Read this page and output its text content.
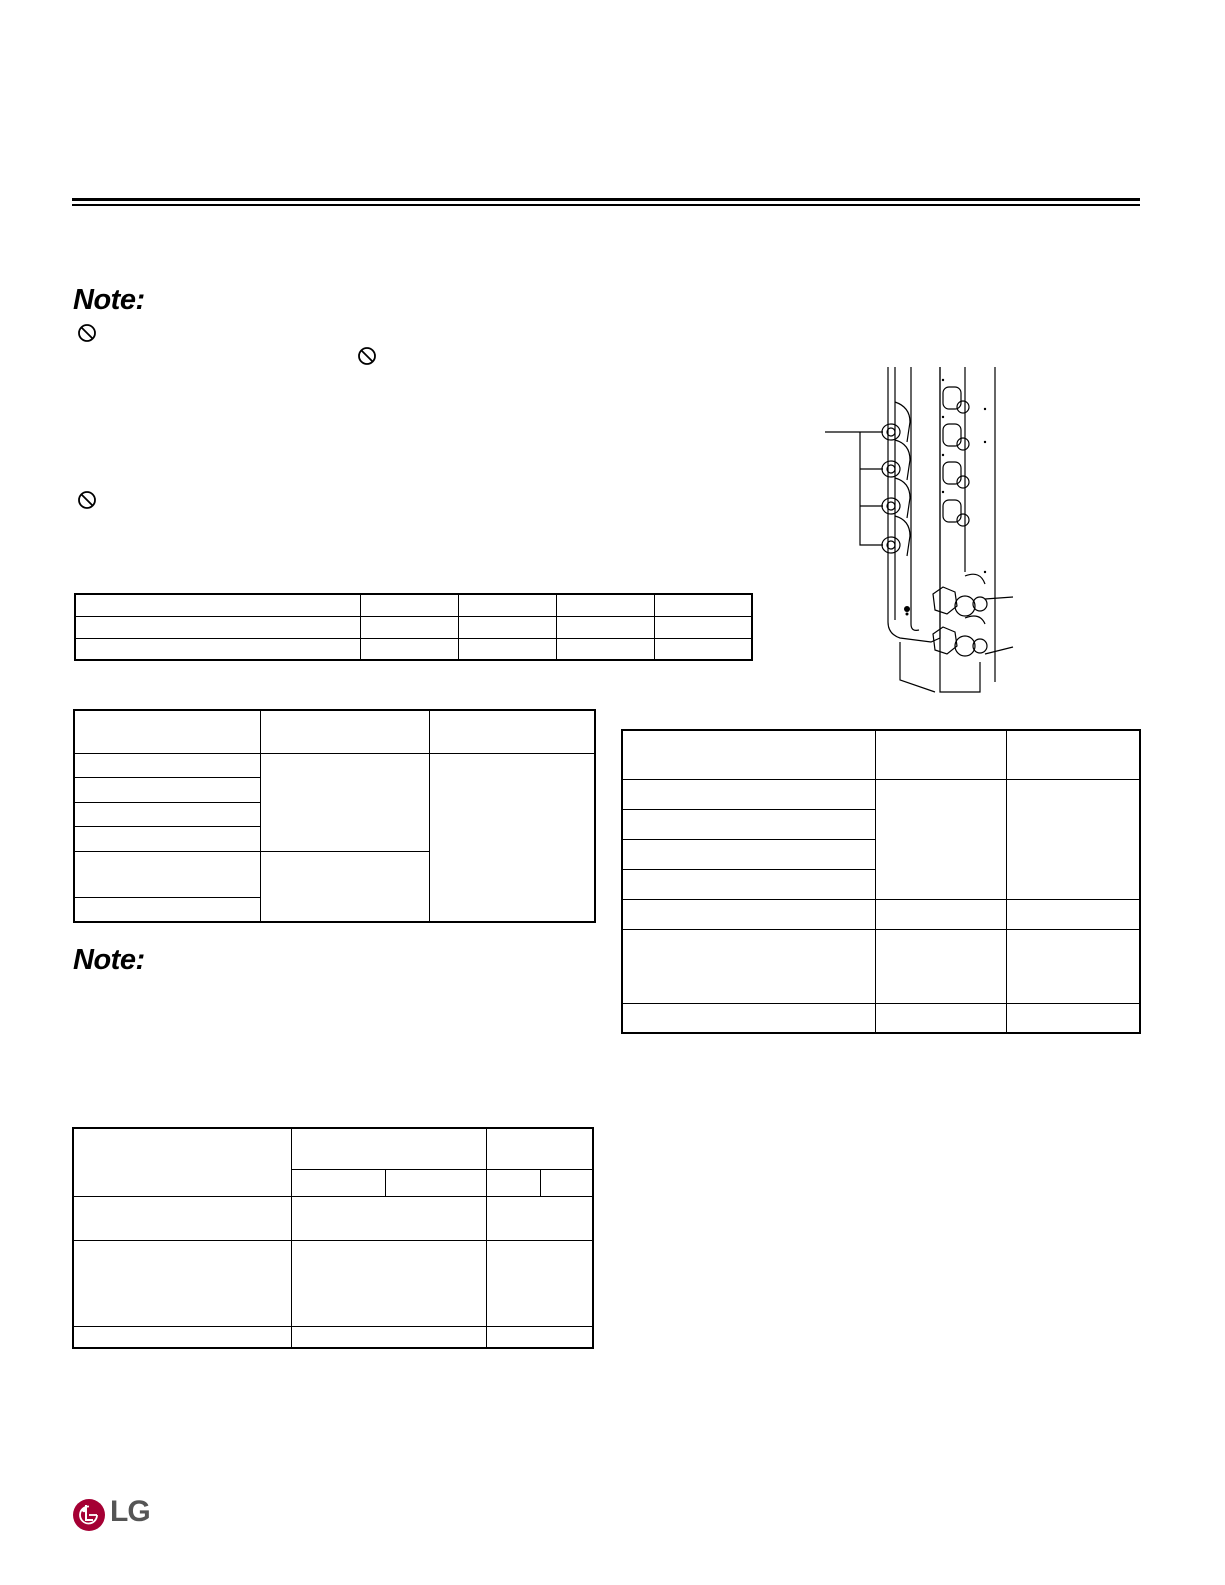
Note:

Note:

LG
